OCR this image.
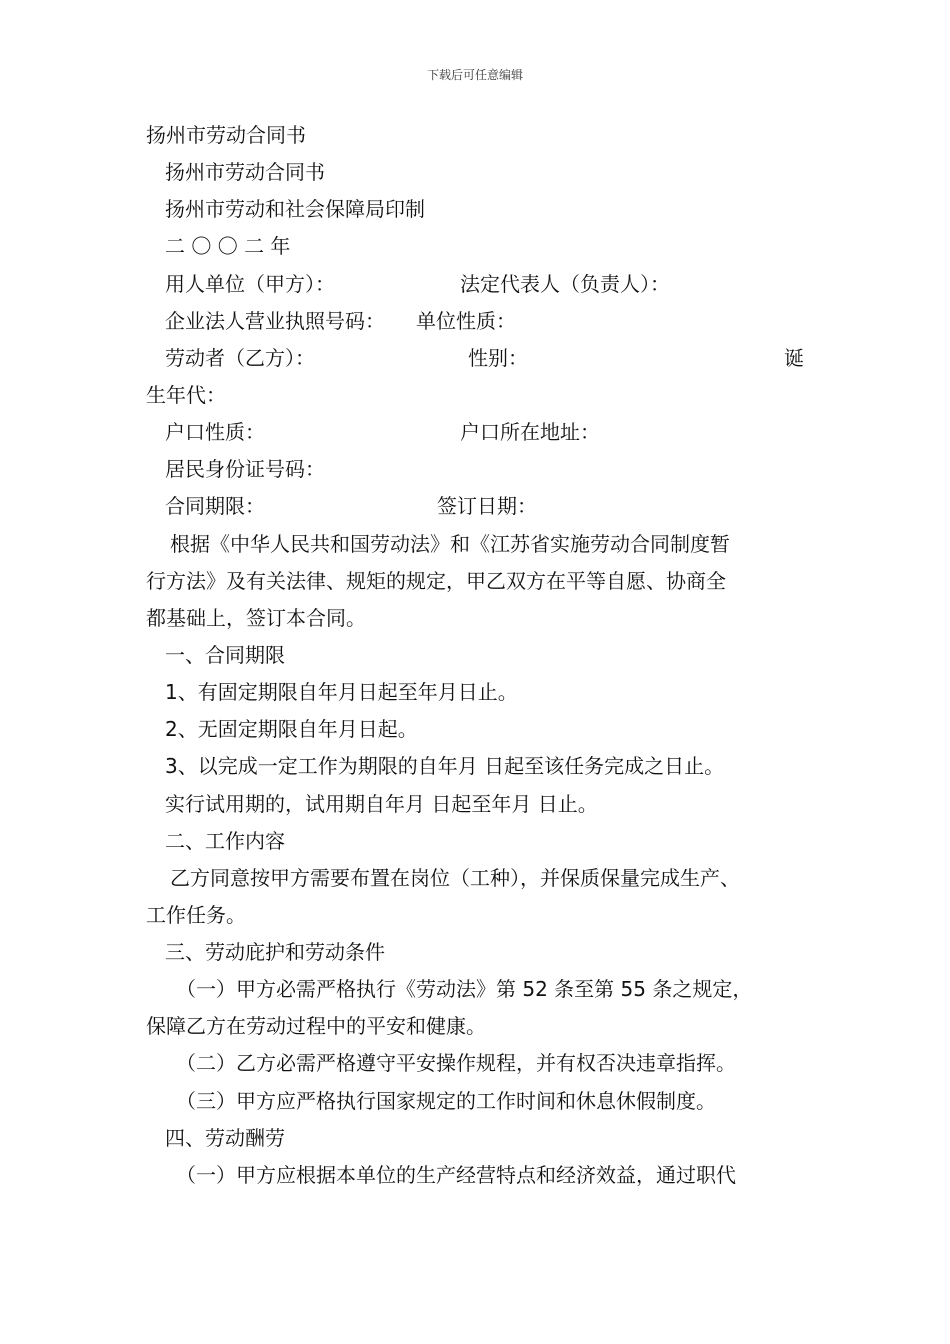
下载后可任意编辑
扬州市劳动合同书
扬州市劳动合同书
扬州市劳动和社会保障局印制
二 〇 〇 二 年
用人单位（甲方）：	法定代表人（负责人）：
企业法人营业执照号码： 单位性质：
劳动者（乙方）：	性别：	诞
生年代：
户口性质：	户口所在地址：
居民身份证号码：
合同期限：	签订日期：
根据《中华人民共和国劳动法》和《江苏省实施劳动合同制度暂
行方法》及有关法律、规矩的规定，甲乙双方在平等自愿、协商全
都基础上，签订本合同。
一、合同期限
1、有固定期限自年月日起至年月日止。
2、无固定期限自年月日起。
3、以完成一定工作为期限的自年月 日起至该任务完成之日止。
实行试用期的，试用期自年月 日起至年月 日止。
二、工作内容
乙方同意按甲方需要布置在岗位（工种），并保质保量完成生产、
工作任务。
三、劳动庇护和劳动条件
（一）甲方必需严格执行《劳动法》第 52 条至第 55 条之规定，
保障乙方在劳动过程中的平安和健康。
（二）乙方必需严格遵守平安操作规程，并有权否决违章指挥。
（三）甲方应严格执行国家规定的工作时间和休息休假制度。
四、劳动酬劳
（一）甲方应根据本单位的生产经营特点和经济效益，通过职代
